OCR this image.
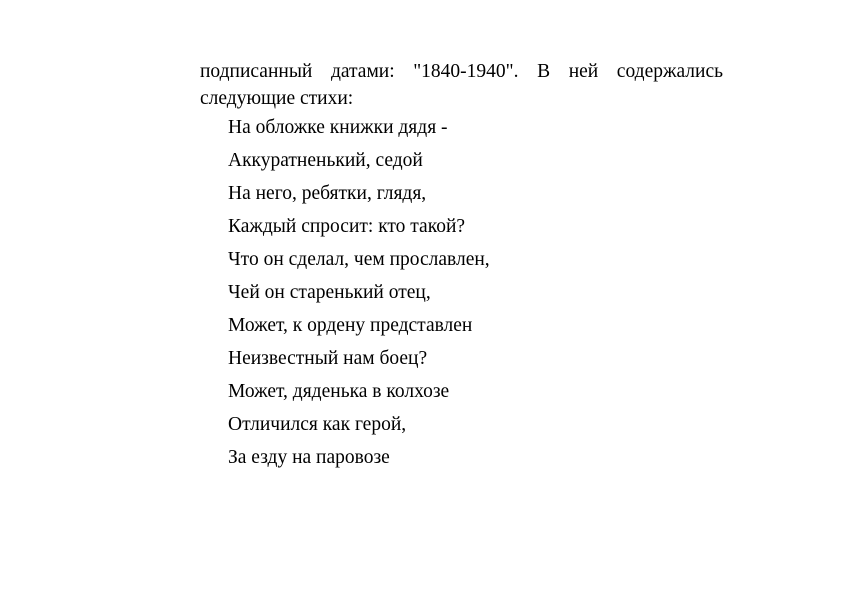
подписанный датами: "1840-1940". В ней содержались
следующие стихи:
На обложке книжки дядя -
Аккуратненький, седой
На него, ребятки, глядя,
Каждый спросит: кто такой?
Что он сделал, чем прославлен,
Чей он старенький отец,
Может, к ордену представлен
Неизвестный нам боец?
Может, дяденька в колхозе
Отличился как герой,
За езду на паровозе
